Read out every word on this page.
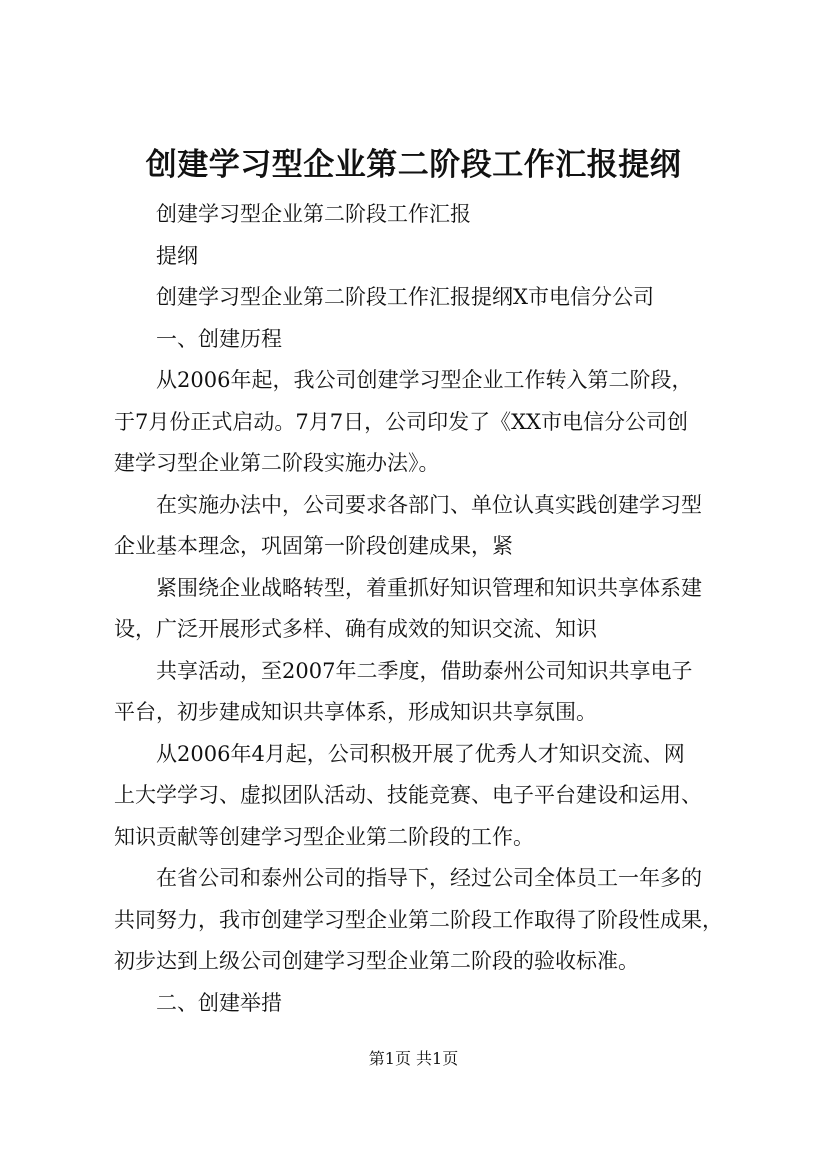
创建学习型企业第二阶段工作汇报提纲

创建学习型企业第二阶段工作汇报

提纲

创建学习型企业第二阶段工作汇报提纲X市电信分公司

一、创建历程

从2006年起，我公司创建学习型企业工作转入第二阶段，

于7月份正式启动。7月7日，公司印发了《XX市电信分公司创

建学习型企业第二阶段实施办法》。

在实施办法中，公司要求各部门、单位认真实践创建学习型

企业基本理念，巩固第一阶段创建成果，紧

紧围绕企业战略转型，着重抓好知识管理和知识共享体系建

设，广泛开展形式多样、确有成效的知识交流、知识

共享活动，至2007年二季度，借助泰州公司知识共享电子

平台，初步建成知识共享体系，形成知识共享氛围。

从2006年4月起，公司积极开展了优秀人才知识交流、网

上大学学习、虚拟团队活动、技能竞赛、电子平台建设和运用、

知识贡献等创建学习型企业第二阶段的工作。

在省公司和泰州公司的指导下，经过公司全体员工一年多的

共同努力，我市创建学习型企业第二阶段工作取得了阶段性成果，

初步达到上级公司创建学习型企业第二阶段的验收标准。

二、创建举措

第1页 共1页
